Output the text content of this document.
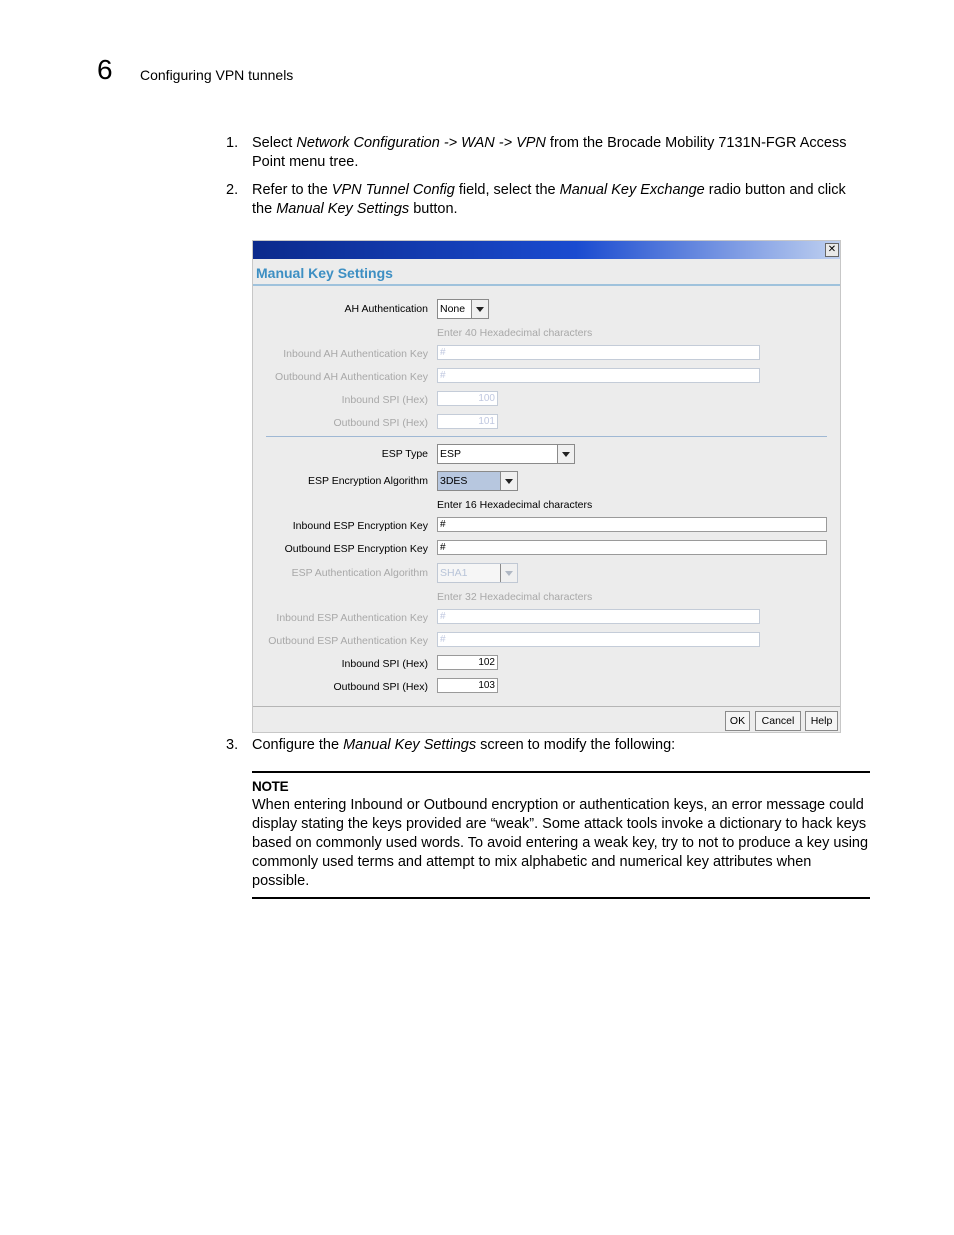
6 Configuring VPN tunnels
1. Select Network Configuration -> WAN -> VPN from the Brocade Mobility 7131N-FGR Access Point menu tree.
2. Refer to the VPN Tunnel Config field, select the Manual Key Exchange radio button and click the Manual Key Settings button.
✕
Manual Key Settings
AH Authentication None
Enter 40 Hexadecimal characters
Inbound AH Authentication Key	#
Outbound AH Authentication Key	#
Inbound SPI (Hex)	100
Outbound SPI (Hex)	101
ESP Type ESP
ESP Encryption Algorithm 3DES
Enter 16 Hexadecimal characters
Inbound ESP Encryption Key	#
Outbound ESP Encryption Key	#
ESP Authentication Algorithm SHA1
Enter 32 Hexadecimal characters
Inbound ESP Authentication Key	#
Outbound ESP Authentication Key	#
Inbound SPI (Hex)	102
Outbound SPI (Hex)	103
OK	Cancel	Help
3. Configure the Manual Key Settings screen to modify the following:
NOTE
When entering Inbound or Outbound encryption or authentication keys, an error message could display stating the keys provided are “weak”. Some attack tools invoke a dictionary to hack keys based on commonly used words. To avoid entering a weak key, try to not to produce a key using commonly used terms and attempt to mix alphabetic and numerical key attributes when possible.
